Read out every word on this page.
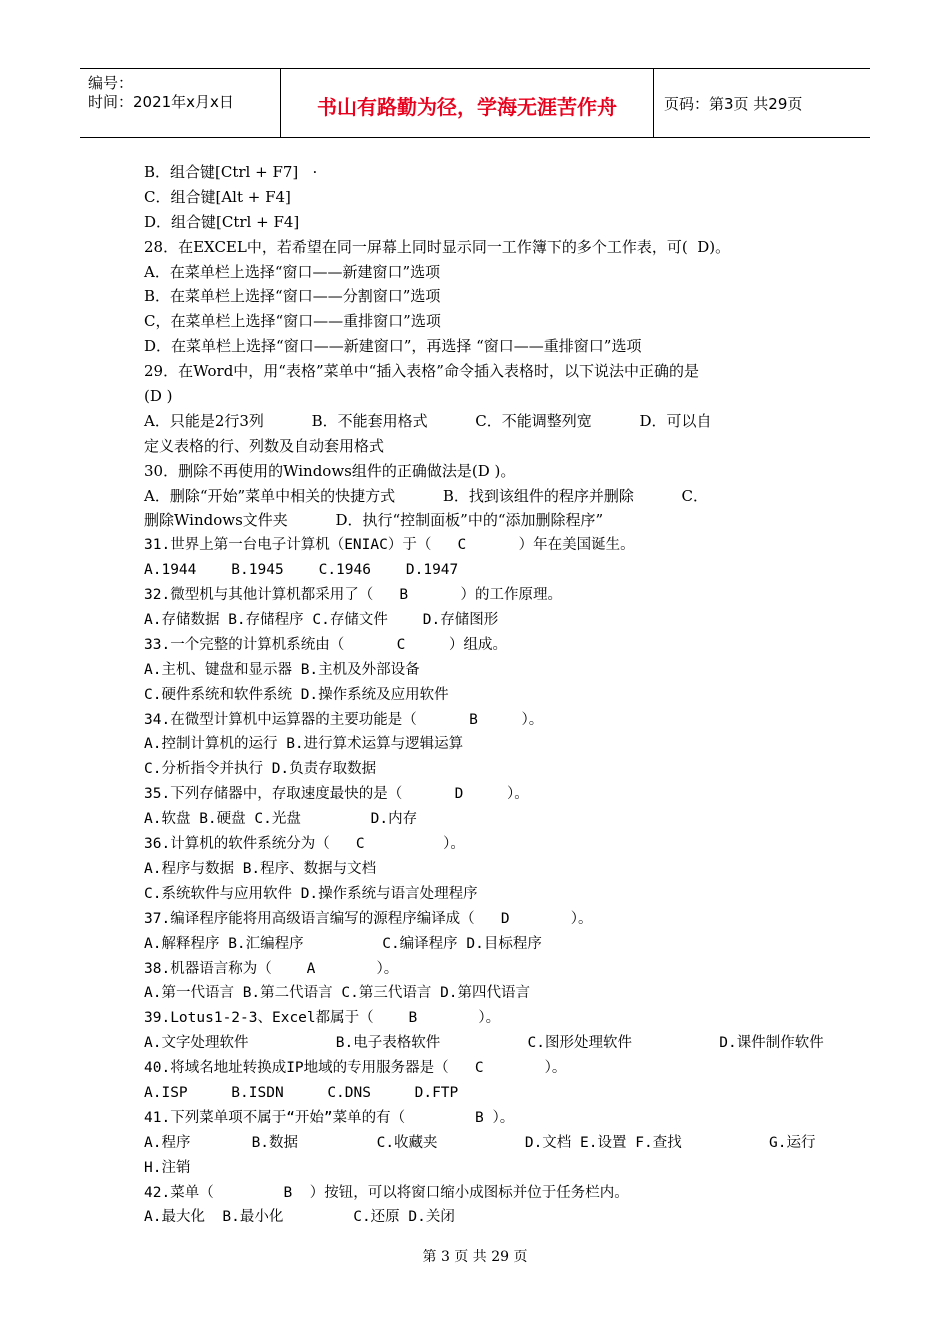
编号：
时间：2021年x月x日	书山有路勤为径，学海无涯苦作舟	页码：第3页 共29页
B．组合键[Ctrl + F7]   ·
C．组合键[Alt + F4]
D．组合键[Ctrl + F4]
28．在EXCEL中，若希望在同一屏幕上同时显示同一工作簿下的多个工作表，可(  D)。
A．在菜单栏上选择“窗口——新建窗口”选项
B．在菜单栏上选择“窗口——分割窗口”选项
C，在菜单栏上选择“窗口——重排窗口”选项
D．在菜单栏上选择“窗口——新建窗口”，再选择 “窗口——重排窗口”选项
29．在Word中，用“表格”菜单中“插入表格”命令插入表格时，以下说法中正确的是
(D )
A．只能是2行3列          B．不能套用格式          C．不能调整列宽          D．可以自
定义表格的行、列数及自动套用格式
30．删除不再使用的Windows组件的正确做法是(D )。
A．删除“开始”菜单中相关的快捷方式          B．找到该组件的程序并删除          C．
删除Windows文件夹          D．执行“控制面板”中的“添加删除程序”
31.世界上第一台电子计算机（ENIAC）于（   C      ）年在美国诞生。
A.1944    B.1945    C.1946    D.1947
32.微型机与其他计算机都采用了（   B      ）的工作原理。
A.存储数据 B.存储程序 C.存储文件    D.存储图形
33.一个完整的计算机系统由（      C     ）组成。
A.主机、键盘和显示器 B.主机及外部设备
C.硬件系统和软件系统 D.操作系统及应用软件
34.在微型计算机中运算器的主要功能是（      B     ）。
A.控制计算机的运行 B.进行算术运算与逻辑运算
C.分析指令并执行 D.负责存取数据
35.下列存储器中，存取速度最快的是（      D     ）。
A.软盘 B.硬盘 C.光盘        D.内存
36.计算机的软件系统分为（   C         ）。
A.程序与数据 B.程序、数据与文档
C.系统软件与应用软件 D.操作系统与语言处理程序
37.编译程序能将用高级语言编写的源程序编译成（   D       ）。
A.解释程序 B.汇编程序         C.编译程序 D.目标程序
38.机器语言称为（    A       ）。
A.第一代语言 B.第二代语言 C.第三代语言 D.第四代语言
39.Lotus1-2-3、Excel都属于（    B       ）。
A.文字处理软件          B.电子表格软件          C.图形处理软件          D.课件制作软件
40.将域名地址转换成IP地域的专用服务器是（   C       ）。
A.ISP     B.ISDN     C.DNS     D.FTP
41.下列菜单项不属于“开始”菜单的有（        B ）。
A.程序       B.数据         C.收藏夹          D.文档 E.设置 F.查找          G.运行
H.注销
42.菜单（        B  ）按钮，可以将窗口缩小成图标并位于任务栏内。
A.最大化  B.最小化        C.还原 D.关闭
第 3 页 共 29 页
